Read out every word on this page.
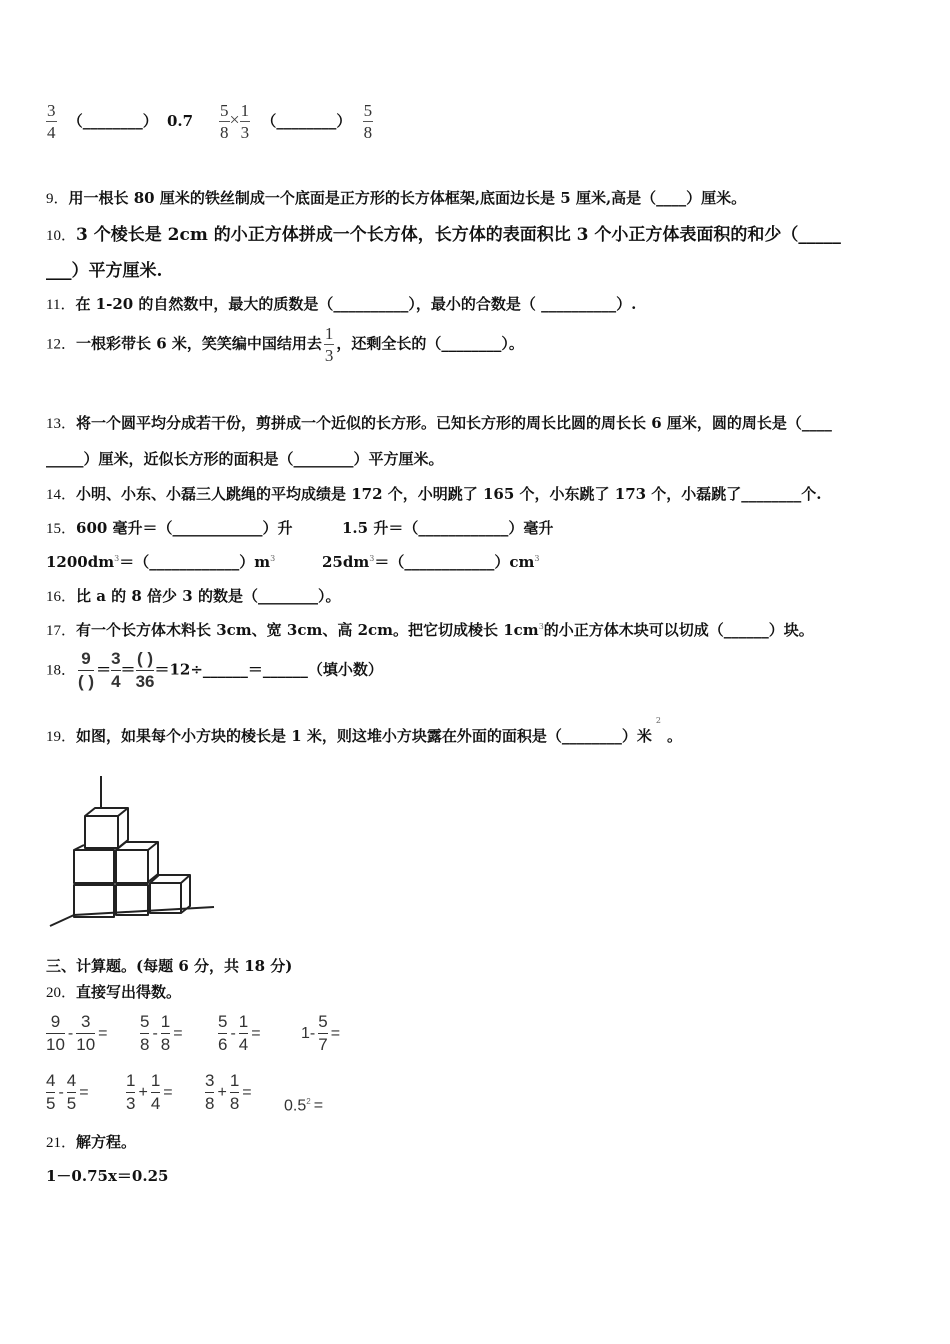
$\frac{3}{4}$ （________） $0.7 \frac{5}{8} \times \frac{1}{3}$ （________） $\frac{5}{8}$
9．用一根长 80 厘米的铁丝制成一个底面是正方形的长方体框架,底面边长是 5 厘米,高是（____）厘米。
10．3 个棱长是 2cm 的小正方体拼成一个长方体，长方体的表面积比 3 个小正方体表面积的和少（_____
___）平方厘米.
11．在 1-20 的自然数中，最大的质数是（__________），最小的合数是（ __________）.
12．一根彩带长 6 米，笑笑编中国结用去 $\frac{1}{3}$ ，还剩全长的（________）。
13．将一个圆平均分成若干份，剪拼成一个近似的长方形。已知长方形的周长比圆的周长长 6 厘米，圆的周长是（____
_____）厘米，近似长方形的面积是（________）平方厘米。
14．小明、小东、小磊三人跳绳的平均成绩是 172 个，小明跳了 165 个，小东跳了 173 个，小磊跳了________个.
15．600 毫升＝（____________）升	1.5 升＝（____________）毫升
$1200dm^3=(\_\_\_\_\_\_\_\_\_\_\_\_)m^3$	$25dm^3=(\_\_\_\_\_\_\_\_\_\_\_\_)cm^3$
16．比 a 的 8 倍少 3 的数是（________）。
17．有一个长方体木料长 3cm、宽 3cm、高 2cm。把它切成棱长 $1cm^3$的小正方体木块可以切成（______）块。
18．
9
( )
＝ $\frac{3}{4}$ ＝
( )
36
＝12÷______＝______（填小数）
19．如图，如果每个小方块的棱长是 1 米，则这堆小方块露在外面的面积是（________）米$^2$。
三、计算题。(每题 6 分，共 18 分)
20．直接写出得数。
$\frac{9}{10} - \frac{3}{10} = \frac{5}{8} - \frac{1}{8} = \frac{5}{6} - \frac{1}{4}$ =	$1- \frac{5}{7}$ =
$\frac{4}{5} - \frac{4}{5} = \frac{1}{3} + \frac{1}{4} = \frac{3}{8} + \frac{1}{8}$ =
$0.5^2$ =
21．解方程。
1－0.75x＝0.25
